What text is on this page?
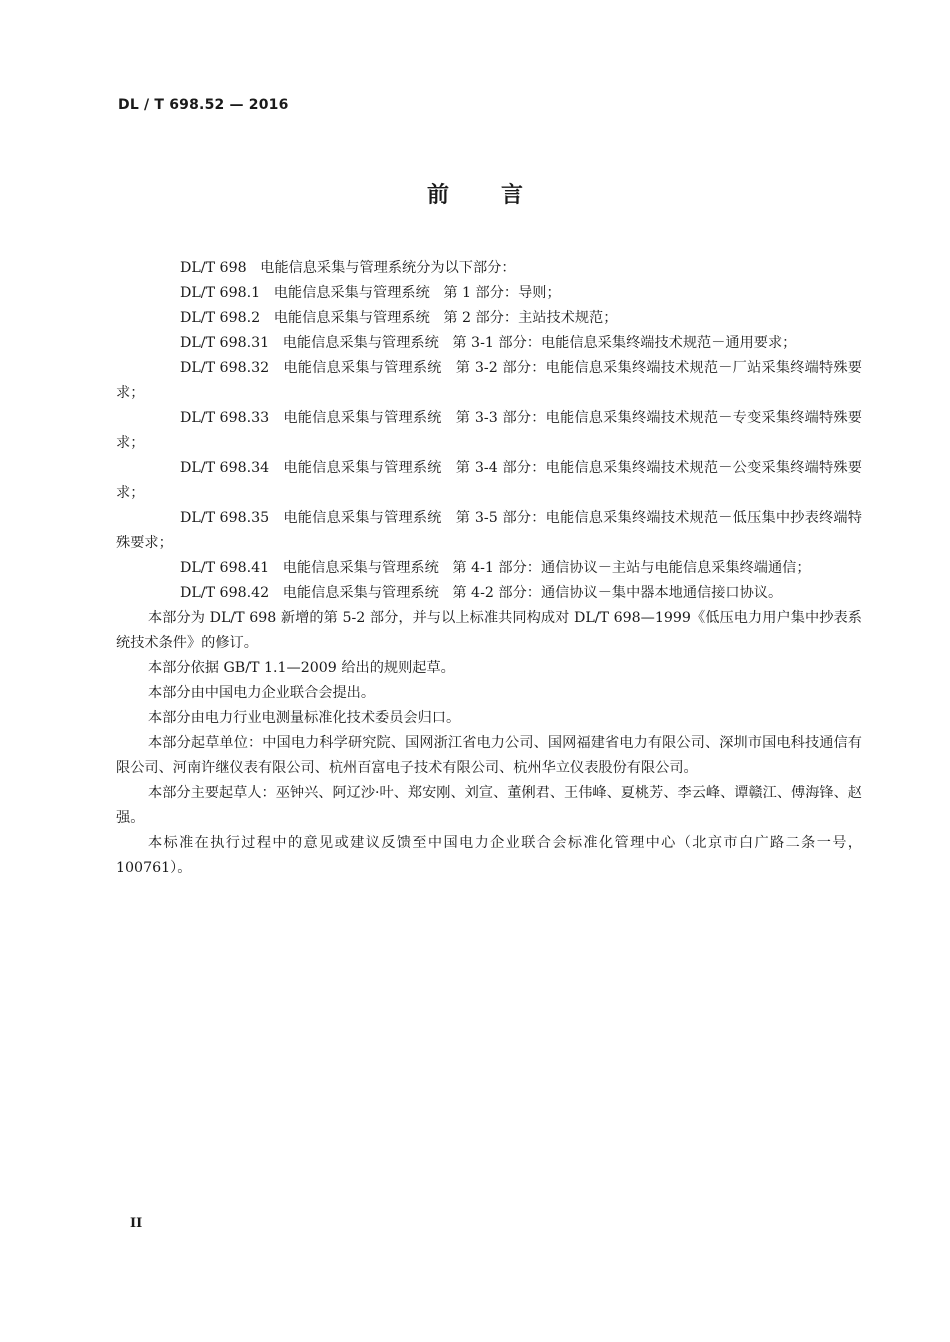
DL / T 698.52 — 2016
前 言

DL/T 698 电能信息采集与管理系统分为以下部分：

DL/T 698.1 电能信息采集与管理系统 第 1 部分：导则；

DL/T 698.2 电能信息采集与管理系统 第 2 部分：主站技术规范；

DL/T 698.31 电能信息采集与管理系统 第 3-1 部分：电能信息采集终端技术规范－通用要求；

DL/T 698.32 电能信息采集与管理系统 第 3-2 部分：电能信息采集终端技术规范－厂站采集终端特殊要求；

DL/T 698.33 电能信息采集与管理系统 第 3-3 部分：电能信息采集终端技术规范－专变采集终端特殊要求；

DL/T 698.34 电能信息采集与管理系统 第 3-4 部分：电能信息采集终端技术规范－公变采集终端特殊要求；

DL/T 698.35 电能信息采集与管理系统 第 3-5 部分：电能信息采集终端技术规范－低压集中抄表终端特殊要求；

DL/T 698.41 电能信息采集与管理系统 第 4-1 部分：通信协议－主站与电能信息采集终端通信；

DL/T 698.42 电能信息采集与管理系统 第 4-2 部分：通信协议－集中器本地通信接口协议。

本部分为 DL/T 698 新增的第 5-2 部分，并与以上标准共同构成对 DL/T 698—1999《低压电力用户集中抄表系统技术条件》的修订。

本部分依据 GB/T 1.1—2009 给出的规则起草。

本部分由中国电力企业联合会提出。

本部分由电力行业电测量标准化技术委员会归口。

本部分起草单位：中国电力科学研究院、国网浙江省电力公司、国网福建省电力有限公司、深圳市国电科技通信有限公司、河南许继仪表有限公司、杭州百富电子技术有限公司、杭州华立仪表股份有限公司。

本部分主要起草人：巫钟兴、阿辽沙·叶、郑安刚、刘宣、董俐君、王伟峰、夏桃芳、李云峰、谭赣江、傅海锋、赵强。

本标准在执行过程中的意见或建议反馈至中国电力企业联合会标准化管理中心（北京市白广路二条一号，100761）。

II
